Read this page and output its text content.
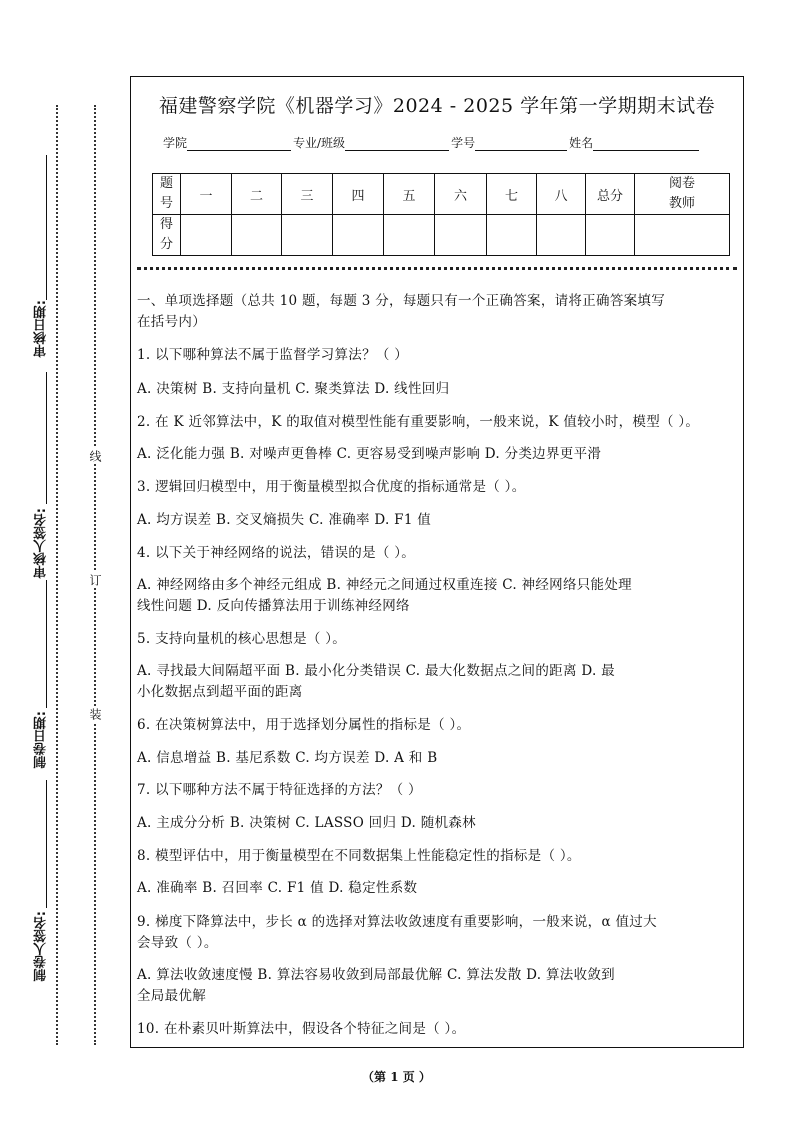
审核日期:
审核人签名:
制卷日期:
制卷人签名:
线
订
装
福建警察学院《机器学习》2024 - 2025 学年第一学期期末试卷
学院	专业/班级	学号	姓名
题
号	一	二	三	四	五	六	七	八	总分	阅卷
教师
得
分										
一、单项选择题（总共 10 题，每题 3 分，每题只有一个正确答案，请将正确答案填写
在括号内）
1. 以下哪种算法不属于监督学习算法？（ ）
A. 决策树 B. 支持向量机 C. 聚类算法 D. 线性回归
2. 在 K 近邻算法中，K 的取值对模型性能有重要影响，一般来说，K 值较小时，模型（ ）。
A. 泛化能力强 B. 对噪声更鲁棒 C. 更容易受到噪声影响 D. 分类边界更平滑
3. 逻辑回归模型中，用于衡量模型拟合优度的指标通常是（ ）。
A. 均方误差 B. 交叉熵损失 C. 准确率 D. F1 值
4. 以下关于神经网络的说法，错误的是（ ）。
A. 神经网络由多个神经元组成 B. 神经元之间通过权重连接 C. 神经网络只能处理
线性问题 D. 反向传播算法用于训练神经网络
5. 支持向量机的核心思想是（ ）。
A. 寻找最大间隔超平面 B. 最小化分类错误 C. 最大化数据点之间的距离 D. 最
小化数据点到超平面的距离
6. 在决策树算法中，用于选择划分属性的指标是（ ）。
A. 信息增益 B. 基尼系数 C. 均方误差 D. A 和 B
7. 以下哪种方法不属于特征选择的方法？（ ）
A. 主成分分析 B. 决策树 C. LASSO 回归 D. 随机森林
8. 模型评估中，用于衡量模型在不同数据集上性能稳定性的指标是（ ）。
A. 准确率 B. 召回率 C. F1 值 D. 稳定性系数
9. 梯度下降算法中，步长 α 的选择对算法收敛速度有重要影响，一般来说，α 值过大
会导致（ ）。
A. 算法收敛速度慢 B. 算法容易收敛到局部最优解 C. 算法发散 D. 算法收敛到
全局最优解
10. 在朴素贝叶斯算法中，假设各个特征之间是（ ）。
（第 1 页 ）
